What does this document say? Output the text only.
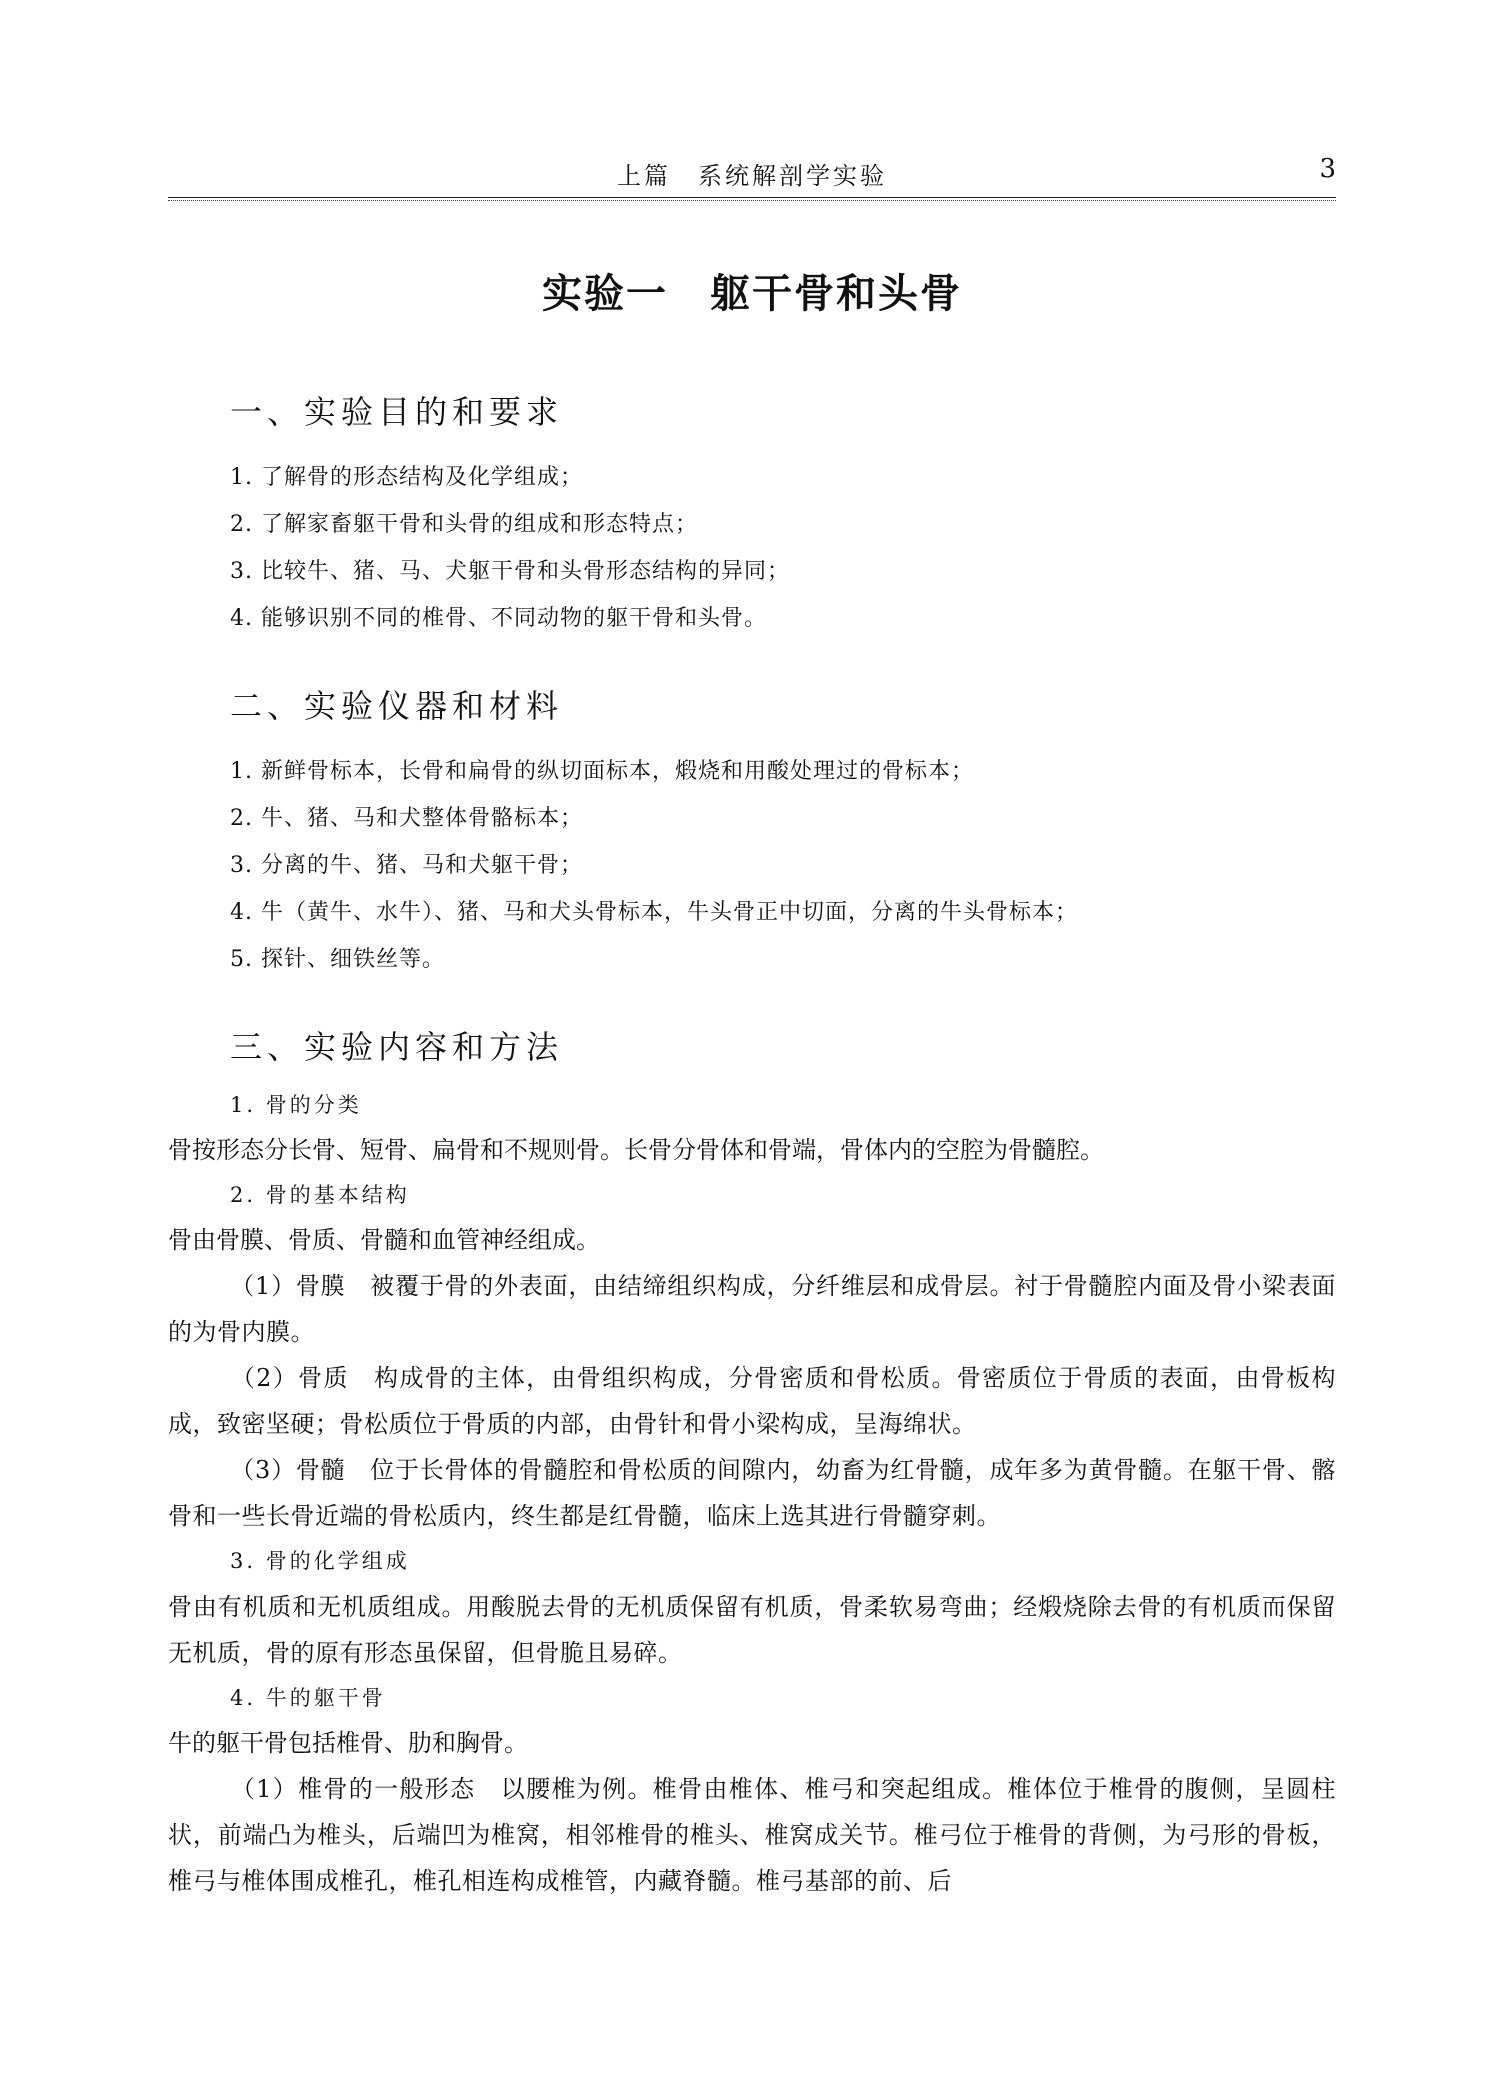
上篇　系统解剖学实验	3
实验一　躯干骨和头骨
一、实验目的和要求
1. 了解骨的形态结构及化学组成；
2. 了解家畜躯干骨和头骨的组成和形态特点；
3. 比较牛、猪、马、犬躯干骨和头骨形态结构的异同；
4. 能够识别不同的椎骨、不同动物的躯干骨和头骨。
二、实验仪器和材料
1. 新鲜骨标本，长骨和扁骨的纵切面标本，煅烧和用酸处理过的骨标本；
2. 牛、猪、马和犬整体骨骼标本；
3. 分离的牛、猪、马和犬躯干骨；
4. 牛（黄牛、水牛）、猪、马和犬头骨标本，牛头骨正中切面，分离的牛头骨标本；
5. 探针、细铁丝等。
三、实验内容和方法
1. 骨的分类
骨按形态分长骨、短骨、扁骨和不规则骨。长骨分骨体和骨端，骨体内的空腔为骨髓腔。
2. 骨的基本结构
骨由骨膜、骨质、骨髓和血管神经组成。
（1）骨膜　被覆于骨的外表面，由结缔组织构成，分纤维层和成骨层。衬于骨髓腔内面及骨小梁表面的为骨内膜。
（2）骨质　构成骨的主体，由骨组织构成，分骨密质和骨松质。骨密质位于骨质的表面，由骨板构成，致密坚硬；骨松质位于骨质的内部，由骨针和骨小梁构成，呈海绵状。
（3）骨髓　位于长骨体的骨髓腔和骨松质的间隙内，幼畜为红骨髓，成年多为黄骨髓。在躯干骨、髂骨和一些长骨近端的骨松质内，终生都是红骨髓，临床上选其进行骨髓穿刺。
3. 骨的化学组成
骨由有机质和无机质组成。用酸脱去骨的无机质保留有机质，骨柔软易弯曲；经煅烧除去骨的有机质而保留无机质，骨的原有形态虽保留，但骨脆且易碎。
4. 牛的躯干骨
牛的躯干骨包括椎骨、肋和胸骨。
（1）椎骨的一般形态　以腰椎为例。椎骨由椎体、椎弓和突起组成。椎体位于椎骨的腹侧，呈圆柱状，前端凸为椎头，后端凹为椎窝，相邻椎骨的椎头、椎窝成关节。椎弓位于椎骨的背侧，为弓形的骨板，椎弓与椎体围成椎孔，椎孔相连构成椎管，内藏脊髓。椎弓基部的前、后
